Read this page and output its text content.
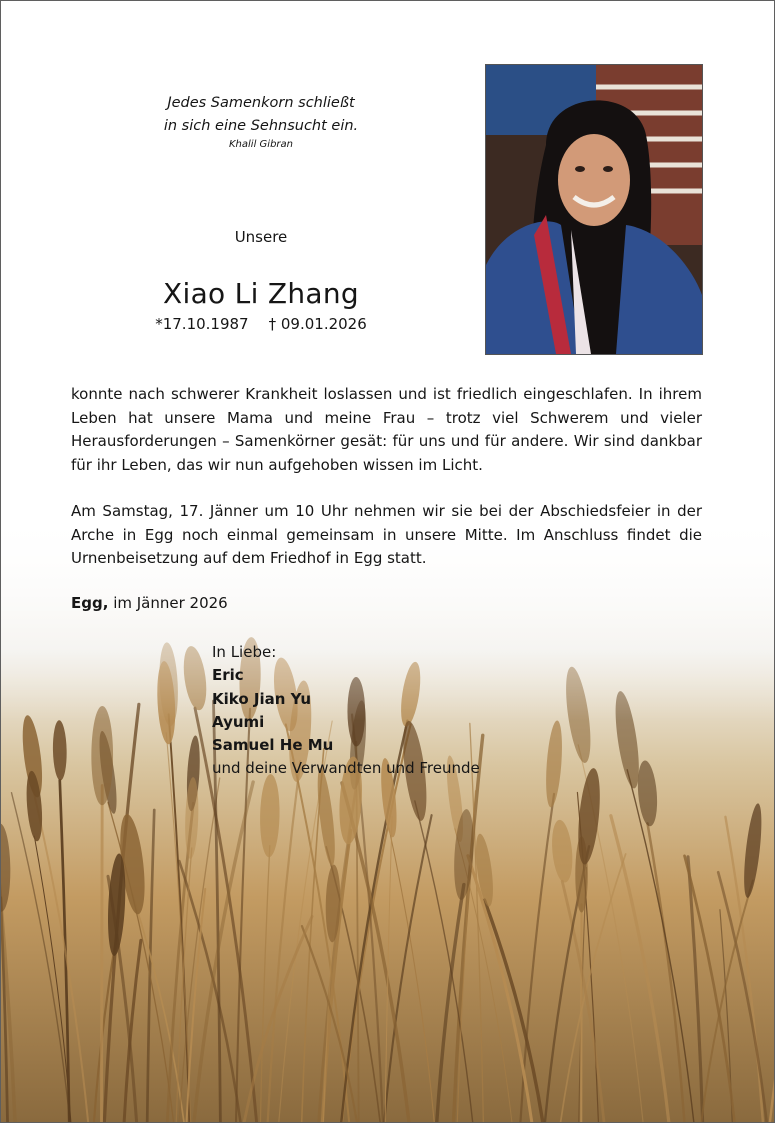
Jedes Samenkorn schließt
in sich eine Sehnsucht ein.
Khalil Gibran
Unsere
Xiao Li Zhang
*17.10.1987 † 09.01.2026

konnte nach schwerer Krankheit loslassen und ist friedlich eingeschlafen. In ihrem Leben hat unsere Mama und meine Frau – trotz viel Schwerem und vieler Herausforderungen – Samenkörner gesät: für uns und für andere. Wir sind dankbar für ihr Leben, das wir nun aufgehoben wissen im Licht.

Am Samstag, 17. Jänner um 10 Uhr nehmen wir sie bei der Abschiedsfeier in der Arche in Egg noch einmal gemeinsam in unsere Mitte. Im Anschluss findet die Urnenbeisetzung auf dem Friedhof in Egg statt.

Egg, im Jänner 2026
In Liebe:
Eric
Kiko Jian Yu
Ayumi
Samuel He Mu
und deine Verwandten und Freunde
